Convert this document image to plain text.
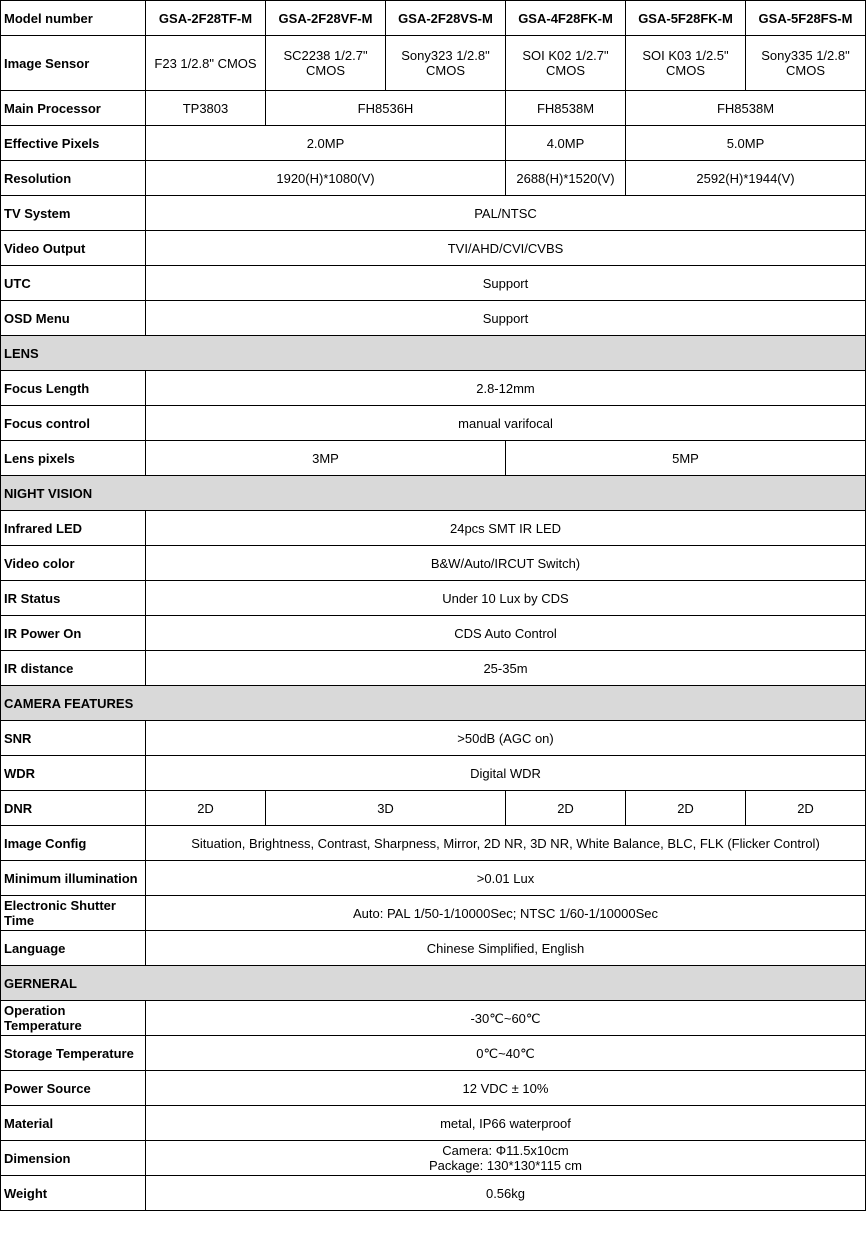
Model number	GSA-2F28TF-M	GSA-2F28VF-M	GSA-2F28VS-M	GSA-4F28FK-M	GSA-5F28FK-M	GSA-5F28FS-M
Image Sensor	F23 1/2.8" CMOS	SC2238 1/2.7" CMOS	Sony323 1/2.8" CMOS	SOI K02 1/2.7" CMOS	SOI K03 1/2.5" CMOS	Sony335 1/2.8" CMOS
Main Processor	TP3803	FH8536H		FH8538M	FH8538M	
Effective Pixels	2.0MP			4.0MP	5.0MP	
Resolution	1920(H)*1080(V)			2688(H)*1520(V)	2592(H)*1944(V)	
TV System	PAL/NTSC					
Video Output	TVI/AHD/CVI/CVBS					
UTC	Support					
OSD Menu	Support					
LENS						
Focus Length	2.8-12mm					
Focus control	manual varifocal					
Lens pixels	3MP			5MP		
NIGHT VISION						
Infrared LED	24pcs SMT IR LED					
Video color	B&W/Auto/IRCUT Switch)					
IR Status	Under 10 Lux by CDS					
IR Power On	CDS Auto Control					
IR distance	25-35m					
CAMERA FEATURES						
SNR	>50dB (AGC on)					
WDR	Digital WDR					
DNR	2D	3D		2D	2D	2D
Image Config	Situation, Brightness, Contrast, Sharpness, Mirror, 2D NR, 3D NR, White Balance, BLC, FLK (Flicker Control)					
Minimum illumination	>0.01 Lux					
Electronic Shutter Time	Auto: PAL 1/50-1/10000Sec; NTSC 1/60-1/10000Sec					
Language	Chinese Simplified, English					
GERNERAL						
Operation Temperature	-30℃~60℃					
Storage Temperature	0℃~40℃					
Power Source	12 VDC ± 10%					
Material	metal, IP66 waterproof					
Dimension	Camera: Φ11.5x10cm
Package: 130*130*115 cm					
Weight	0.56kg					
